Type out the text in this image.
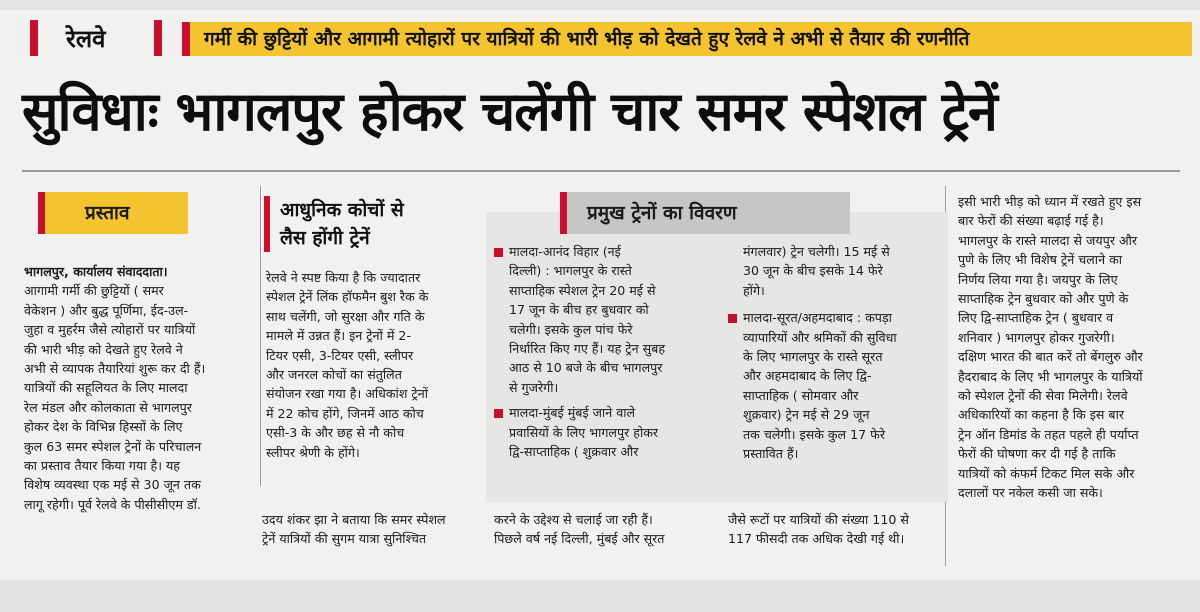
रेलवे	गर्मी की छुट्टियों और आगामी त्योहारों पर यात्रियों की भारी भीड़ को देखते हुए रेलवे ने अभी से तैयार की रणनीति
सुविधाः भागलपुर होकर चलेंगी चार समर स्पेशल ट्रेनें
प्रस्ताव

भागलपुर, कार्यालय संवाददाता।

आगामी गर्मी की छुट्टियों ( समर

वेकेशन ) और बुद्ध पूर्णिमा, ईद-उल-

जुहा व मुहर्रम जैसे त्योहारों पर यात्रियों

की भारी भीड़ को देखते हुए रेलवे ने

अभी से व्यापक तैयारियां शुरू कर दी हैं।

यात्रियों की सहूलियत के लिए मालदा

रेल मंडल और कोलकाता से भागलपुर

होकर देश के विभिन्न हिस्सों के लिए

कुल 63 समर स्पेशल ट्रेनों के परिचालन

का प्रस्ताव तैयार किया गया है। यह

विशेष व्यवस्था एक मई से 30 जून तक

लागू रहेगी। पूर्व रेलवे के पीसीसीएम डॉ.

आधुनिक कोचों से
लैस होंगी ट्रेनें

रेलवे ने स्पष्ट किया है कि ज्यादातर

स्पेशल ट्रेनें लिंक हॉफमैन बुश रैक के

साथ चलेंगी, जो सुरक्षा और गति के

मामले में उन्नत हैं। इन ट्रेनों में 2-

टियर एसी, 3-टियर एसी, स्लीपर

और जनरल कोचों का संतुलित

संयोजन रखा गया है। अधिकांश ट्रेनों

में 22 कोच होंगे, जिनमें आठ कोच

एसी-3 के और छह से नौ कोच

स्लीपर श्रेणी के होंगे।

उदय शंकर झा ने बताया कि समर स्पेशल

ट्रेनें यात्रियों की सुगम यात्रा सुनिश्चित

प्रमुख ट्रेनों का विवरण

मालदा-आनंद विहार (नई

दिल्ली) : भागलपुर के रास्ते

साप्ताहिक स्पेशल ट्रेन 20 मई से

17 जून के बीच हर बुधवार को

चलेगी। इसके कुल पांच फेरे

निर्धारित किए गए हैं। यह ट्रेन सुबह

आठ से 10 बजे के बीच भागलपुर

से गुजरेगी।

मालदा-मुंबई मुंबई जाने वाले

प्रवासियों के लिए भागलपुर होकर

द्वि-साप्ताहिक ( शुक्रवार और

मंगलवार) ट्रेन चलेगी। 15 मई से

30 जून के बीच इसके 14 फेरे

होंगे।

मालदा-सूरत/अहमदाबाद : कपड़ा

व्यापारियों और श्रमिकों की सुविधा

के लिए भागलपुर के रास्ते सूरत

और अहमदाबाद के लिए द्वि-

साप्ताहिक ( सोमवार और

शुक्रवार) ट्रेन मई से 29 जून

तक चलेगी। इसके कुल 17 फेरे

प्रस्तावित हैं।

करने के उद्देश्य से चलाई जा रही हैं।

पिछले वर्ष नई दिल्ली, मुंबई और सूरत

जैसे रूटों पर यात्रियों की संख्या 110 से

117 फीसदी तक अधिक देखी गई थी।

इसी भारी भीड़ को ध्यान में रखते हुए इस

बार फेरों की संख्या बढ़ाई गई है।

भागलपुर के रास्ते मालदा से जयपुर और

पुणे के लिए भी विशेष ट्रेनें चलाने का

निर्णय लिया गया है। जयपुर के लिए

साप्ताहिक ट्रेन बुधवार को और पुणे के

लिए द्वि-साप्ताहिक ट्रेन ( बुधवार व

शनिवार ) भागलपुर होकर गुजरेगी।

दक्षिण भारत की बात करें तो बेंगलुरु और

हैदराबाद के लिए भी भागलपुर के यात्रियों

को स्पेशल ट्रेनों की सेवा मिलेगी। रेलवे

अधिकारियों का कहना है कि इस बार

ट्रेन ऑन डिमांड के तहत पहले ही पर्याप्त

फेरों की घोषणा कर दी गई है ताकि

यात्रियों को कंफर्म टिकट मिल सके और

दलालों पर नकेल कसी जा सके।
